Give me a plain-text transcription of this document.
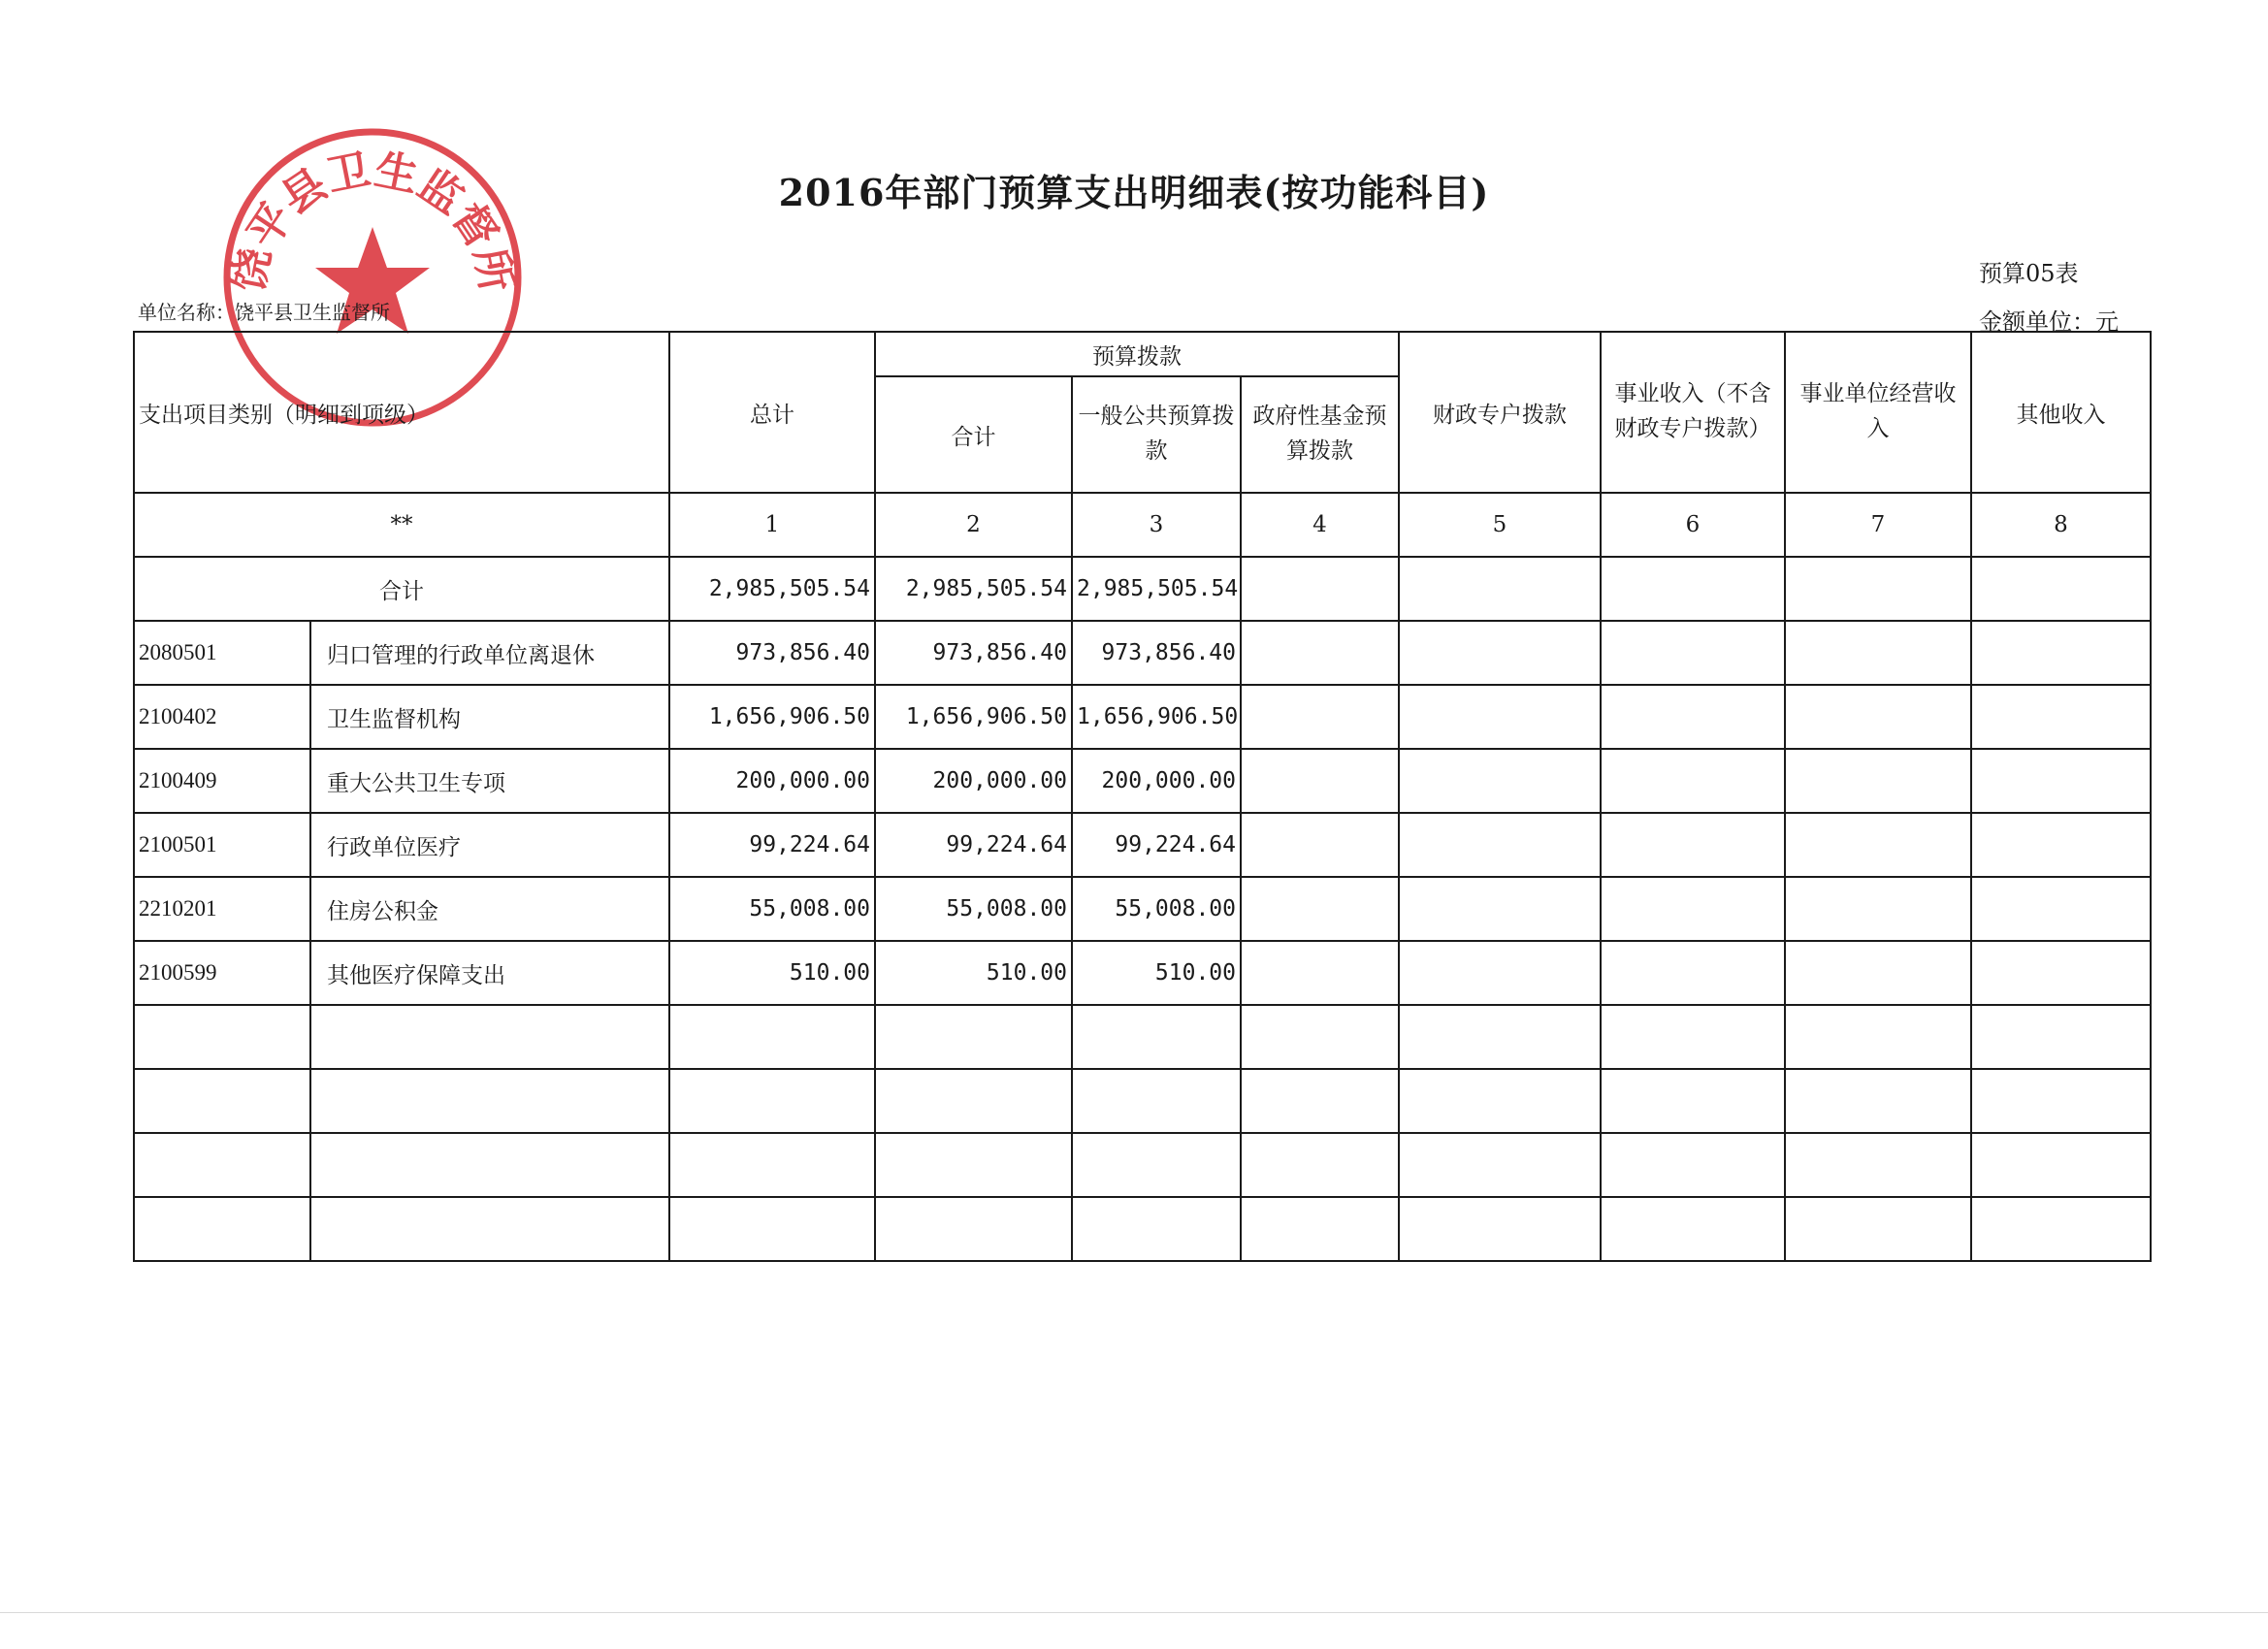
2016年部门预算支出明细表(按功能科目)
饶平县卫生监督所	预算05表
单位名称：饶平县卫生监督所	金额单位：元
支出项目类别（明细到项级）		总计	预算拨款			财政专户拨款	事业收入（不含财政专户拨款）	事业单位经营收入	其他收入
			合计	一般公共预算拨款	政府性基金预算拨款				
**		1	2	3	4	5	6	7	8
合计		2,985,505.54	2,985,505.54	2,985,505.54					
2080501	归口管理的行政单位离退休	973,856.40	973,856.40	973,856.40					
2100402	卫生监督机构	1,656,906.50	1,656,906.50	1,656,906.50					
2100409	重大公共卫生专项	200,000.00	200,000.00	200,000.00					
2100501	行政单位医疗	99,224.64	99,224.64	99,224.64					
2210201	住房公积金	55,008.00	55,008.00	55,008.00					
2100599	其他医疗保障支出	510.00	510.00	510.00					
